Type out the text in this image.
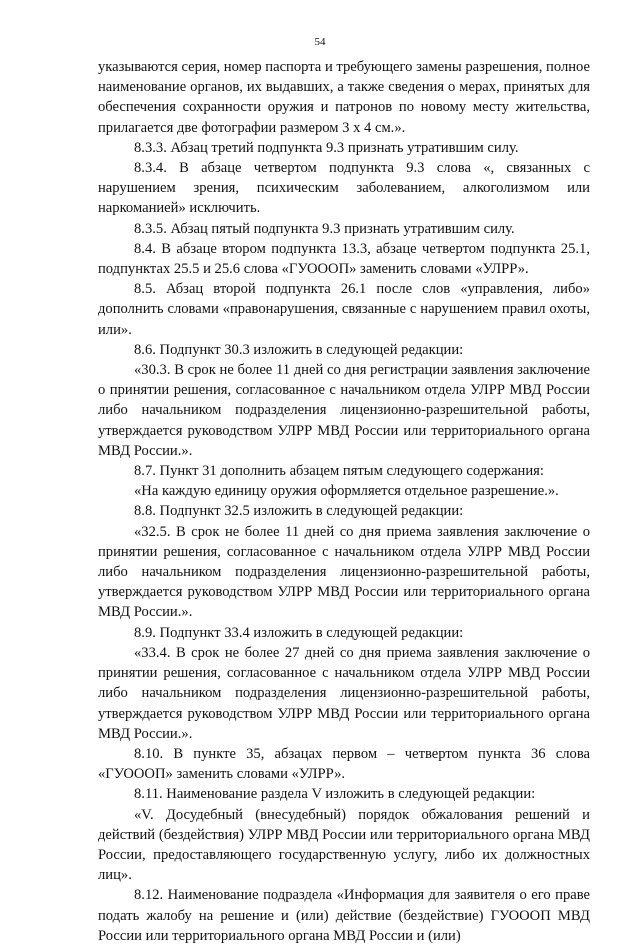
54

указываются серия, номер паспорта и требующего замены разрешения, полное наименование органов, их выдавших, а также сведения о мерах, принятых для обеспечения сохранности оружия и патронов по новому месту жительства, прилагается две фотографии размером 3 х 4 см.».

8.3.3. Абзац третий подпункта 9.3 признать утратившим силу.

8.3.4. В абзаце четвертом подпункта 9.3 слова «, связанных с нарушением зрения, психическим заболеванием, алкоголизмом или наркоманией» исключить.

8.3.5. Абзац пятый подпункта 9.3 признать утратившим силу.

8.4. В абзаце втором подпункта 13.3, абзаце четвертом подпункта 25.1, подпунктах 25.5 и 25.6 слова «ГУОООП» заменить словами «УЛРР».

8.5. Абзац второй подпункта 26.1 после слов «управления, либо» дополнить словами «правонарушения, связанные с нарушением правил охоты, или».

8.6. Подпункт 30.3 изложить в следующей редакции:

«30.3. В срок не более 11 дней со дня регистрации заявления заключение о принятии решения, согласованное с начальником отдела УЛРР МВД России либо начальником подразделения лицензионно-разрешительной работы, утверждается руководством УЛРР МВД России или территориального органа МВД России.».

8.7. Пункт 31 дополнить абзацем пятым следующего содержания:

«На каждую единицу оружия оформляется отдельное разрешение.».

8.8. Подпункт 32.5 изложить в следующей редакции:

«32.5. В срок не более 11 дней со дня приема заявления заключение о принятии решения, согласованное с начальником отдела УЛРР МВД России либо начальником подразделения лицензионно-разрешительной работы, утверждается руководством УЛРР МВД России или территориального органа МВД России.».

8.9. Подпункт 33.4 изложить в следующей редакции:

«33.4. В срок не более 27 дней со дня приема заявления заключение о принятии решения, согласованное с начальником отдела УЛРР МВД России либо начальником подразделения лицензионно-разрешительной работы, утверждается руководством УЛРР МВД России или территориального органа МВД России.».

8.10. В пункте 35, абзацах первом – четвертом пункта 36 слова «ГУОООП» заменить словами «УЛРР».

8.11. Наименование раздела V изложить в следующей редакции:

«V. Досудебный (внесудебный) порядок обжалования решений и действий (бездействия) УЛРР МВД России или территориального органа МВД России, предоставляющего государственную услугу, либо их должностных лиц».

8.12. Наименование подраздела «Информация для заявителя о его праве подать жалобу на решение и (или) действие (бездействие) ГУОООП МВД России или территориального органа МВД России и (или)
